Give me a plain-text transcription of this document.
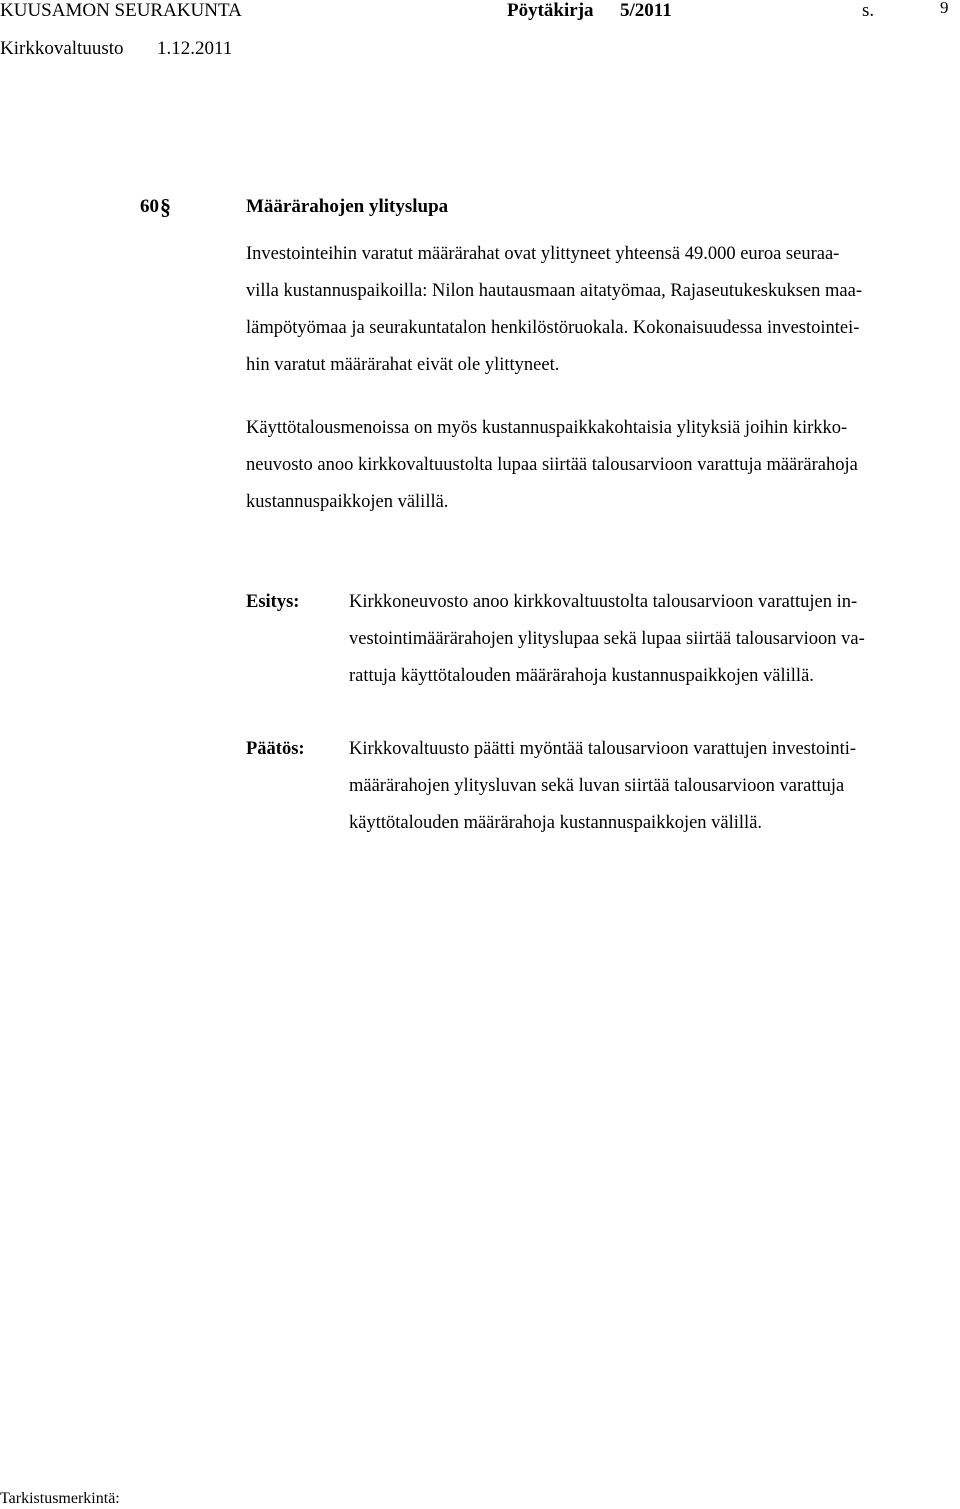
KUUSAMON SEURAKUNTA	Pöytäkirja 5/2011	s.	9
Kirkkovaltuusto 1.12.2011
60 §	Määrärahojen ylityslupa
Investointeihin varatut määrärahat ovat ylittyneet yhteensä 49.000 euroa seuraa-
villa kustannuspaikoilla: Nilon hautausmaan aitatyömaa, Rajaseutukeskuksen maa-
lämpötyömaa ja seurakuntatalon henkilöstöruokala. Kokonaisuudessa investointei-
hin varatut määrärahat eivät ole ylittyneet.
Käyttötalousmenoissa on myös kustannuspaikkakohtaisia ylityksiä joihin kirkko-
neuvosto anoo kirkkovaltuustolta lupaa siirtää talousarvioon varattuja määrärahoja
kustannuspaikkojen välillä.
Esitys:	Kirkkoneuvosto anoo kirkkovaltuustolta talousarvioon varattujen in-
vestointimäärärahojen ylityslupaa sekä lupaa siirtää talousarvioon va-
rattuja käyttötalouden määrärahoja kustannuspaikkojen välillä.
Päätös: Kirkkovaltuusto päätti myöntää talousarvioon varattujen investointi-
määrärahojen ylitysluvan sekä luvan siirtää talousarvioon varattuja
käyttötalouden määrärahoja kustannuspaikkojen välillä.
Tarkistusmerkintä:
